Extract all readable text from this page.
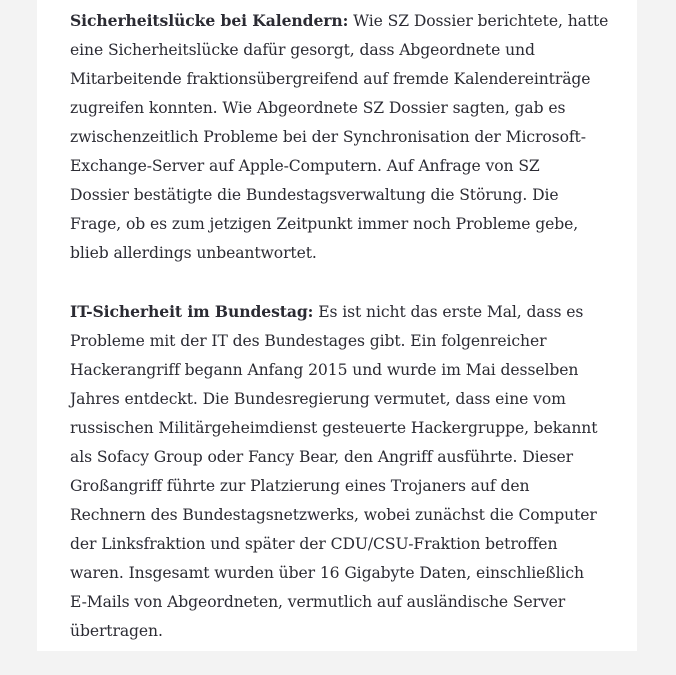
Sicherheitslücke bei Kalendern: Wie SZ Dossier berichtete, hatte
eine Sicherheitslücke dafür gesorgt, dass Abgeordnete und
Mitarbeitende fraktionsübergreifend auf fremde Kalendereinträge
zugreifen konnten. Wie Abgeordnete SZ Dossier sagten, gab es
zwischenzeitlich Probleme bei der Synchronisation der Microsoft-
Exchange-Server auf Apple-Computern. Auf Anfrage von SZ
Dossier bestätigte die Bundestagsverwaltung die Störung. Die
Frage, ob es zum jetzigen Zeitpunkt immer noch Probleme gebe,
blieb allerdings unbeantwortet.

IT-Sicherheit im Bundestag: Es ist nicht das erste Mal, dass es
Probleme mit der IT des Bundestages gibt. Ein folgenreicher
Hackerangriff begann Anfang 2015 und wurde im Mai desselben
Jahres entdeckt. Die Bundesregierung vermutet, dass eine vom
russischen Militärgeheimdienst gesteuerte Hackergruppe, bekannt
als Sofacy Group oder Fancy Bear, den Angriff ausführte. Dieser
Großangriff führte zur Platzierung eines Trojaners auf den
Rechnern des Bundestagsnetzwerks, wobei zunächst die Computer
der Linksfraktion und später der CDU/CSU-Fraktion betroffen
waren. Insgesamt wurden über 16 Gigabyte Daten, einschließlich
E-Mails von Abgeordneten, vermutlich auf ausländische Server
übertragen.
